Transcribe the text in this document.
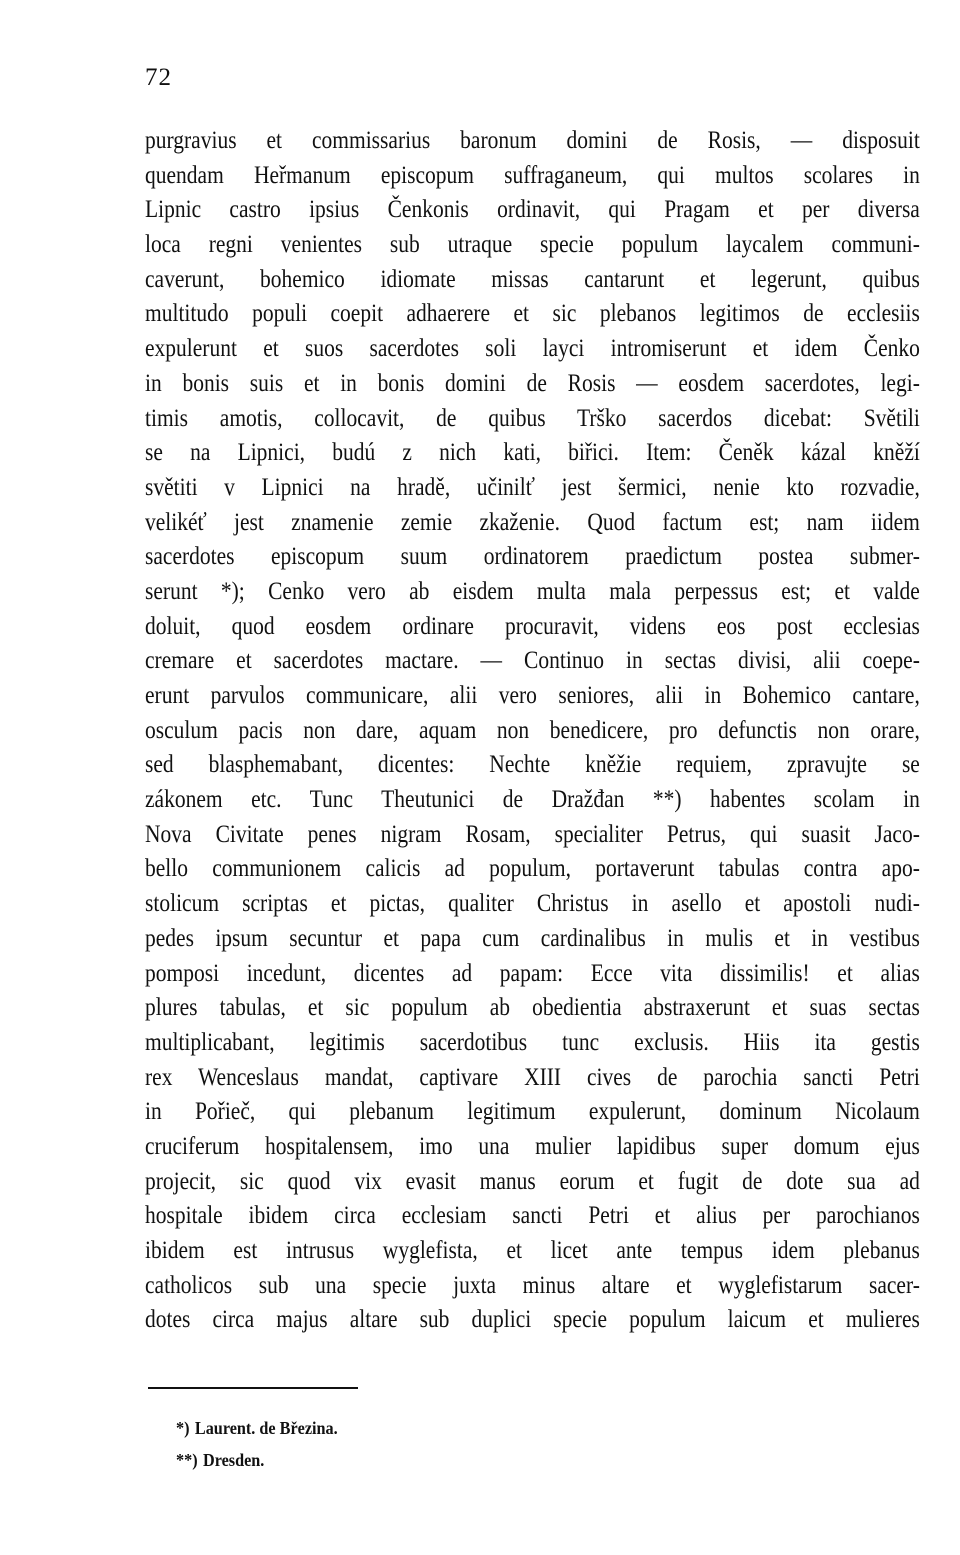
72
purgravius et commissarius baronum domini de Rosis, — disposuit
quendam Heřmanum episcopum suffraganeum, qui multos scolares in
Lipnic castro ipsius Čenkonis ordinavit, qui Pragam et per diversa
loca regni venientes sub utraque specie populum laycalem communi-
caverunt, bohemico idiomate missas cantarunt et legerunt, quibus
multitudo populi coepit adhaerere et sic plebanos legitimos de ecclesiis
expulerunt et suos sacerdotes soli layci intromiserunt et idem Čenko
in bonis suis et in bonis domini de Rosis — eosdem sacerdotes, legi-
timis amotis, collocavit, de quibus Trško sacerdos dicebat: Světili
se na Lipnici, budú z nich kati, biřici. Item: Čeněk kázal kněží
světiti v Lipnici na hradě, učinilť jest šermici, nenie kto rozvadie,
velikéť jest znamenie zemie zkaženie. Quod factum est; nam iidem
sacerdotes episcopum suum ordinatorem praedictum postea submer-
serunt *); Cenko vero ab eisdem multa mala perpessus est; et valde
doluit, quod eosdem ordinare procuravit, videns eos post ecclesias
cremare et sacerdotes mactare. — Continuo in sectas divisi, alii coepe-
erunt parvulos communicare, alii vero seniores, alii in Bohemico cantare,
osculum pacis non dare, aquam non benedicere, pro defunctis non orare,
sed blasphemabant, dicentes: Nechte kněžie requiem, zpravujte se
zákonem etc. Tunc Theutunici de Dražđan **) habentes scolam in
Nova Civitate penes nigram Rosam, specialiter Petrus, qui suasit Jaco-
bello communionem calicis ad populum, portaverunt tabulas contra apo-
stolicum scriptas et pictas, qualiter Christus in asello et apostoli nudi-
pedes ipsum secuntur et papa cum cardinalibus in mulis et in vestibus
pomposi incedunt, dicentes ad papam: Ecce vita dissimilis! et alias
plures tabulas, et sic populum ab obedientia abstraxerunt et suas sectas
multiplicabant, legitimis sacerdotibus tunc exclusis. Hiis ita gestis
rex Wenceslaus mandat, captivare XIII cives de parochia sancti Petri
in Pořieč, qui plebanum legitimum expulerunt, dominum Nicolaum
cruciferum hospitalensem, imo una mulier lapidibus super domum ejus
projecit, sic quod vix evasit manus eorum et fugit de dote sua ad
hospitale ibidem circa ecclesiam sancti Petri et alius per parochianos
ibidem est intrusus wyglefista, et licet ante tempus idem plebanus
catholicos sub una specie juxta minus altare et wyglefistarum sacer-
dotes circa majus altare sub duplici specie populum laicum et mulieres
*) Laurent. de Březina.
**) Dresden.
